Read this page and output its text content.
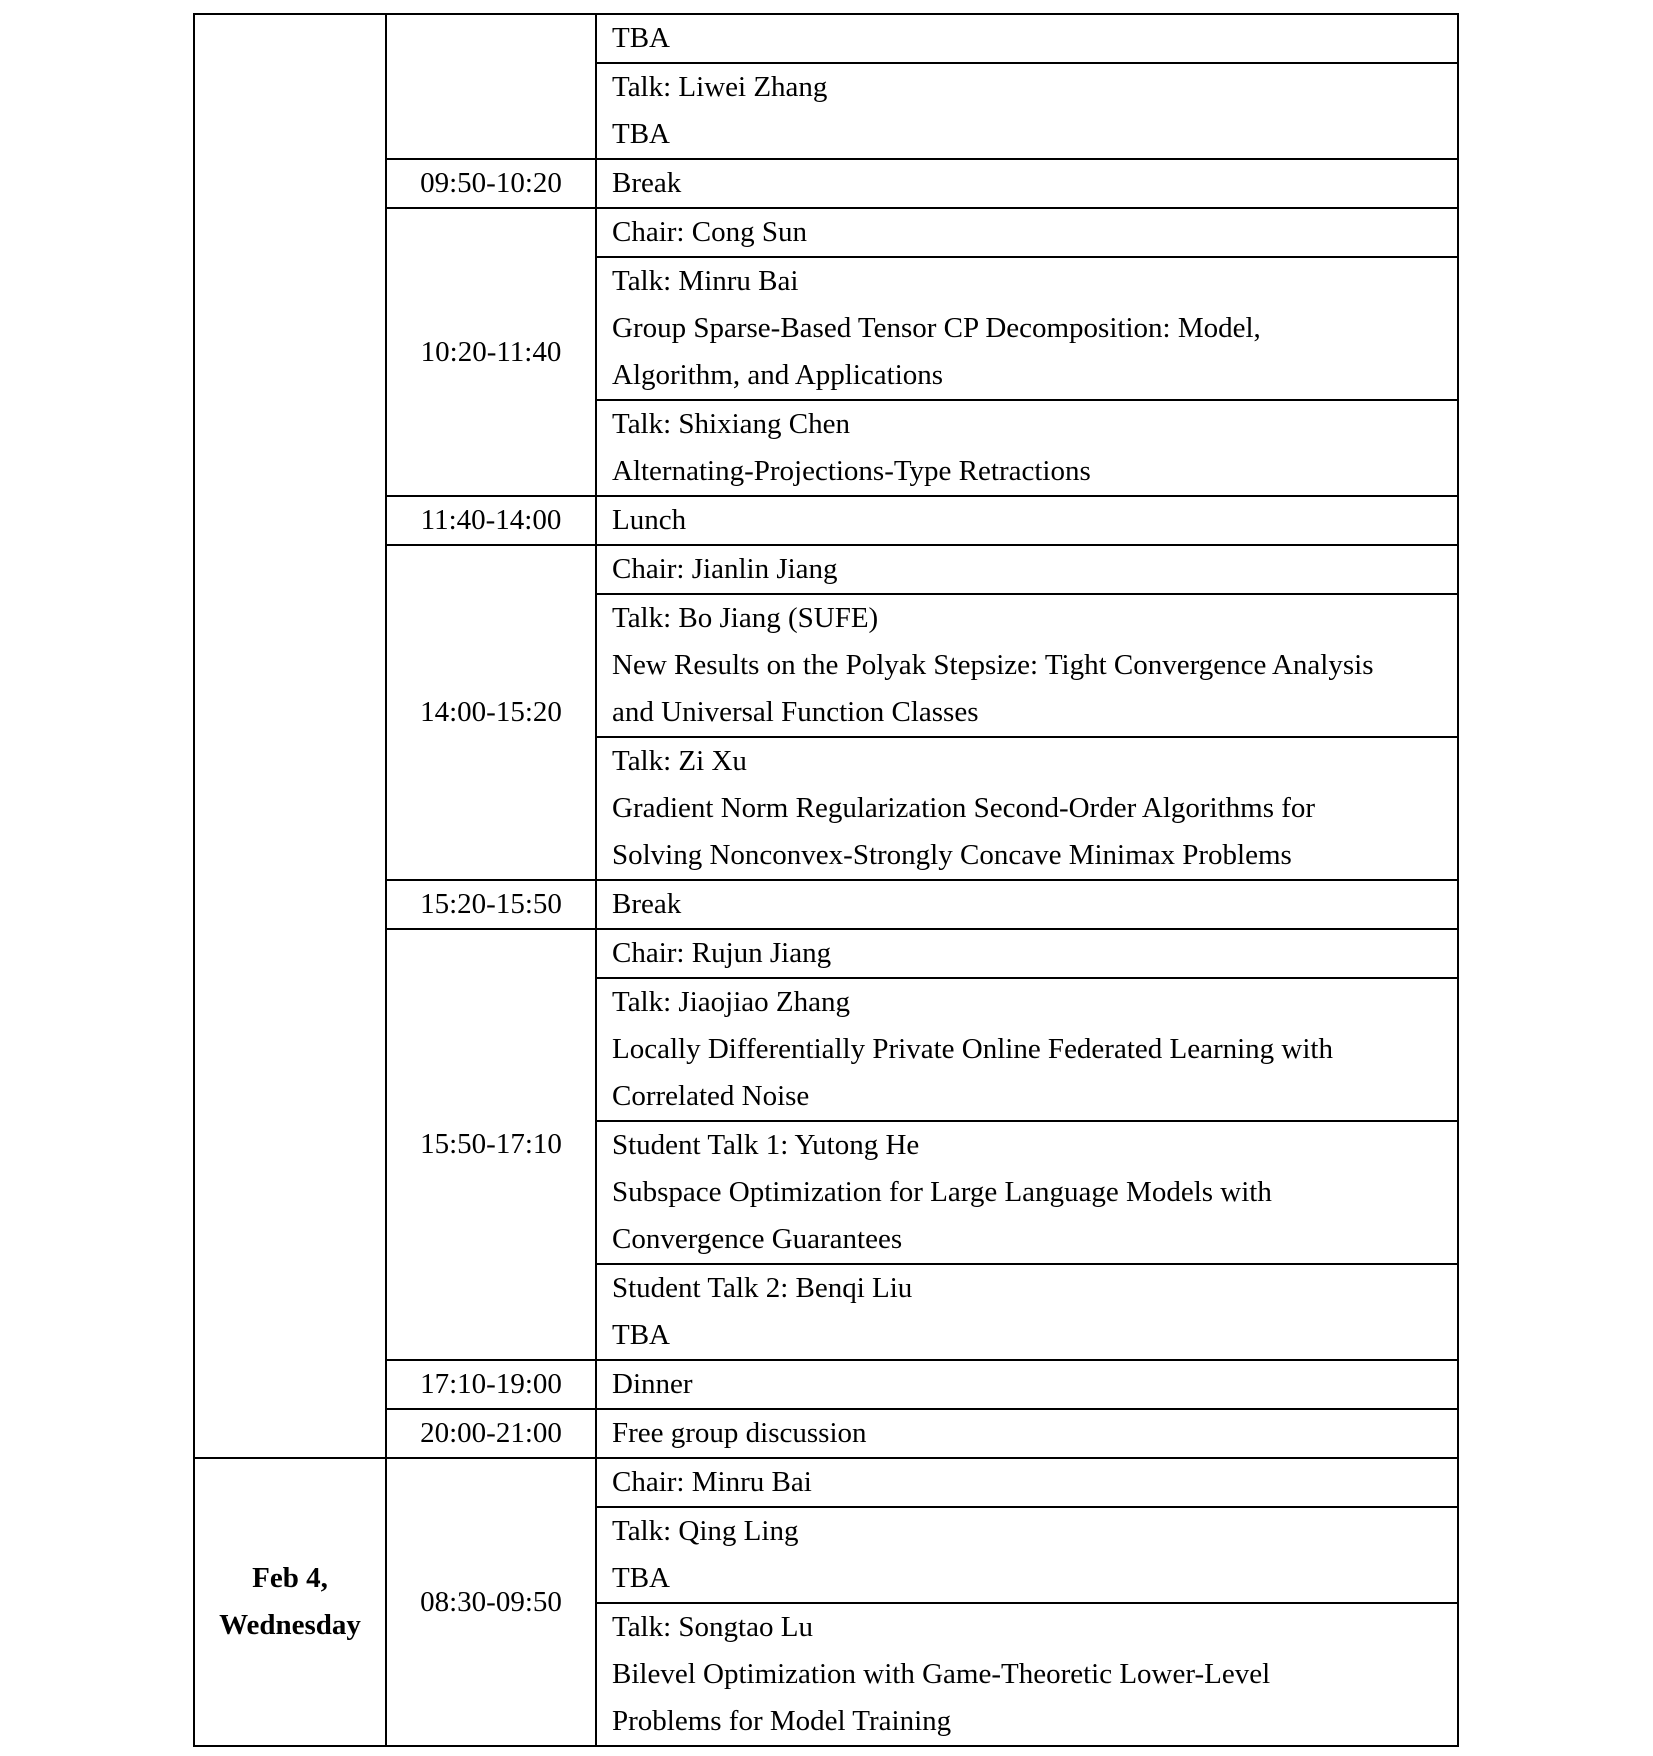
		TBA

		Talk: Liwei Zhang
TBA

	09:50-10:20	Break

	10:20-11:40	Chair: Cong Sun

		Talk: Minru Bai
Group Sparse-Based Tensor CP Decomposition: Model,
Algorithm, and Applications

		Talk: Shixiang Chen
Alternating-Projections-Type Retractions

	11:40-14:00	Lunch

	14:00-15:20	Chair: Jianlin Jiang

		Talk: Bo Jiang (SUFE)
New Results on the Polyak Stepsize: Tight Convergence Analysis
and Universal Function Classes

		Talk: Zi Xu
Gradient Norm Regularization Second-Order Algorithms for
Solving Nonconvex-Strongly Concave Minimax Problems

	15:20-15:50	Break

	15:50-17:10	Chair: Rujun Jiang

		Talk: Jiaojiao Zhang
Locally Differentially Private Online Federated Learning with
Correlated Noise

		Student Talk 1: Yutong He
Subspace Optimization for Large Language Models with
Convergence Guarantees

		Student Talk 2: Benqi Liu
TBA

	17:10-19:00	Dinner

	20:00-21:00	Free group discussion

Feb 4,
Wednesday	08:30-09:50	Chair: Minru Bai

		Talk: Qing Ling
TBA

		Talk: Songtao Lu
Bilevel Optimization with Game-Theoretic Lower-Level
Problems for Model Training
